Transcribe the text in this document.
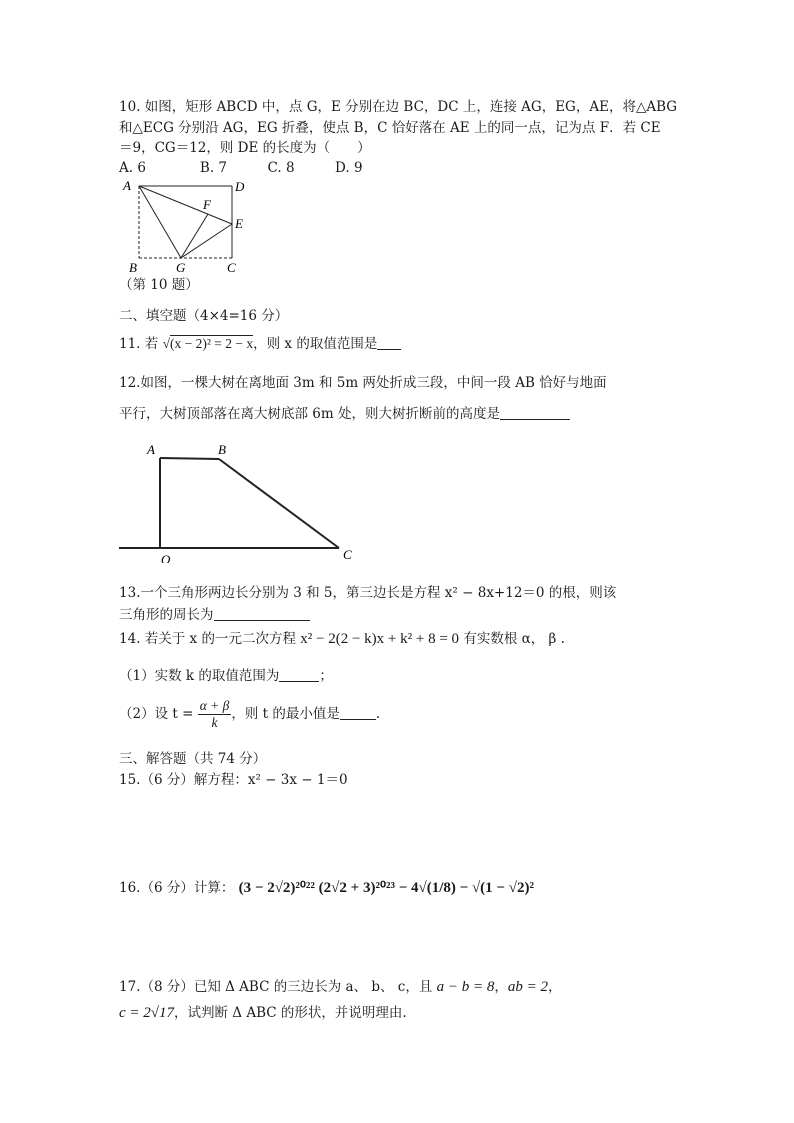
10. 如图，矩形 ABCD 中，点 G，E 分别在边 BC，DC 上，连接 AG，EG，AE，将△ABG
和△ECG 分别沿 AG，EG 折叠，使点 B，C 恰好落在 AE 上的同一点，记为点 F．若 CE
＝9，CG＝12，则 DE 的长度为（　　）
A. 6　　　　B. 7　　　C. 8　　　D. 9
A	D
F
E
B	G	C
（第 10 题）
二、填空题（4×4=16 分）
11. 若 √(x − 2)² = 2 − x，则 x 的取值范围是
12.如图，一棵大树在离地面 3m 和 5m 两处折成三段，中间一段 AB 恰好与地面
平行，大树顶部落在离大树底部 6m 处，则大树折断前的高度是
A	B
O	C
13.一个三角形两边长分别为 3 和 5，第三边长是方程 x² − 8x+12＝0 的根，则该
三角形的周长为
14. 若关于 x 的一元二次方程 x² − 2(2 − k)x + k² + 8 = 0 有实数根 α， β .
（1）实数 k 的取值范围为	；
（2）设 $t = \frac{\alpha + \beta}{k}$ ，则 t 的最小值是	.
三、解答题（共 74 分）
15.（6 分）解方程：x² − 3x − 1＝0
16.（6 分）计算： (3 − 2√2)²⁰²² (2√2 + 3)²⁰²³ − 4√(1/8) − √(1 − √2)²
17.（8 分）已知 Δ ABC 的三边长为 a、 b、 c，且 a − b = 8，ab = 2，
c = 2√17，试判断 Δ ABC 的形状，并说明理由.
